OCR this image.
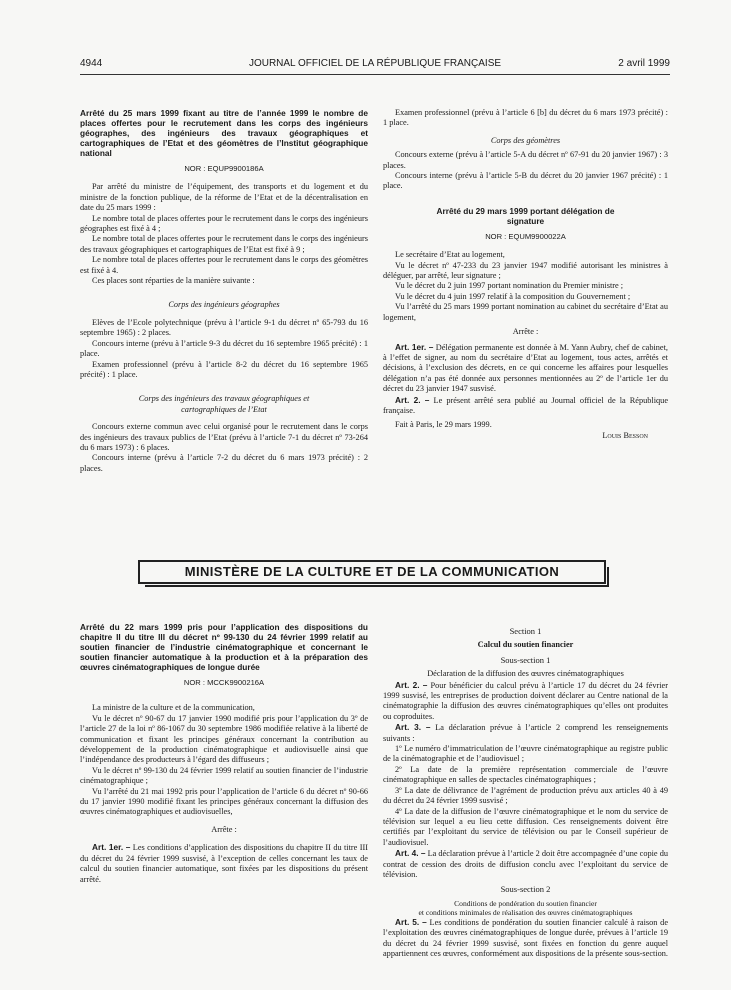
4944	JOURNAL OFFICIEL DE LA RÉPUBLIQUE FRANÇAISE	2 avril 1999
Arrêté du 25 mars 1999 fixant au titre de l’année 1999 le nombre de places offertes pour le recrutement dans les corps des ingénieurs géographes, des ingénieurs des travaux géographiques et cartographiques de l’Etat et des géomètres de l’Institut géographique national
NOR : EQUP9900186A

Par arrêté du ministre de l’équipement, des transports et du logement et du ministre de la fonction publique, de la réforme de l’Etat et de la décentralisation en date du 25 mars 1999 :

Le nombre total de places offertes pour le recrutement dans le corps des ingénieurs géographes est fixé à 4 ;

Le nombre total de places offertes pour le recrutement dans le corps des ingénieurs des travaux géographiques et cartographiques de l’Etat est fixé à 9 ;

Le nombre total de places offertes pour le recrutement dans le corps des géomètres est fixé à 4.

Ces places sont réparties de la manière suivante :

Corps des ingénieurs géographes

Elèves de l’Ecole polytechnique (prévu à l’article 9-1 du décret nº 65-793 du 16 septembre 1965) : 2 places.

Concours interne (prévu à l’article 9-3 du décret du 16 septembre 1965 précité) : 1 place.

Examen professionnel (prévu à l’article 8-2 du décret du 16 septembre 1965 précité) : 1 place.

Corps des ingénieurs des travaux géographiques et cartographiques de l’Etat

Concours externe commun avec celui organisé pour le recrutement dans le corps des ingénieurs des travaux publics de l’Etat (prévu à l’article 7-1 du décret nº 73-264 du 6 mars 1973) : 6 places.

Concours interne (prévu à l’article 7-2 du décret du 6 mars 1973 précité) : 2 places.

Examen professionnel (prévu à l’article 6 [b] du décret du 6 mars 1973 précité) : 1 place.

Corps des géomètres

Concours externe (prévu à l’article 5-A du décret nº 67-91 du 20 janvier 1967) : 3 places.

Concours interne (prévu à l’article 5-B du décret du 20 janvier 1967 précité) : 1 place.

Arrêté du 29 mars 1999 portant délégation de signature
NOR : EQUM9900022A

Le secrétaire d’Etat au logement,

Vu le décret nº 47-233 du 23 janvier 1947 modifié autorisant les ministres à déléguer, par arrêté, leur signature ;

Vu le décret du 2 juin 1997 portant nomination du Premier ministre ;

Vu le décret du 4 juin 1997 relatif à la composition du Gouvernement ;

Vu l’arrêté du 25 mars 1999 portant nomination au cabinet du secrétaire d’Etat au logement,

Arrête :

Art. 1er. – Délégation permanente est donnée à M. Yann Aubry, chef de cabinet, à l’effet de signer, au nom du secrétaire d’Etat au logement, tous actes, arrêtés et décisions, à l’exclusion des décrets, en ce qui concerne les affaires pour lesquelles délégation n’a pas été donnée aux personnes mentionnées au 2º de l’article 1er du décret du 23 janvier 1947 susvisé.

Art. 2. – Le présent arrêté sera publié au Journal officiel de la République française.

Fait à Paris, le 29 mars 1999.

Louis Besson

MINISTÈRE DE LA CULTURE ET DE LA COMMUNICATION
Arrêté du 22 mars 1999 pris pour l’application des dispositions du chapitre II du titre III du décret nº 99-130 du 24 février 1999 relatif au soutien financier de l’industrie cinématographique et concernant le soutien financier automatique à la production et à la préparation des œuvres cinématographiques de longue durée
NOR : MCCK9900216A

La ministre de la culture et de la communication,

Vu le décret nº 90-67 du 17 janvier 1990 modifié pris pour l’application du 3º de l’article 27 de la loi nº 86-1067 du 30 septembre 1986 modifiée relative à la liberté de communication et fixant les principes généraux concernant la contribution au développement de la production cinématographique et audiovisuelle ainsi que l’indépendance des producteurs à l’égard des diffuseurs ;

Vu le décret nº 99-130 du 24 février 1999 relatif au soutien financier de l’industrie cinématographique ;

Vu l’arrêté du 21 mai 1992 pris pour l’application de l’article 6 du décret nº 90-66 du 17 janvier 1990 modifié fixant les principes généraux concernant la diffusion des œuvres cinématographiques et audiovisuelles,

Arrête :

Art. 1er. – Les conditions d’application des dispositions du chapitre II du titre III du décret du 24 février 1999 susvisé, à l’exception de celles concernant les taux de calcul du soutien financier automatique, sont fixées par les dispositions du présent arrêté.

Section 1

Calcul du soutien financier

Sous-section 1

Déclaration de la diffusion des œuvres cinématographiques

Art. 2. – Pour bénéficier du calcul prévu à l’article 17 du décret du 24 février 1999 susvisé, les entreprises de production doivent déclarer au Centre national de la cinématographie la diffusion des œuvres cinématographiques qu’elles ont produites ou coproduites.

Art. 3. – La déclaration prévue à l’article 2 comprend les renseignements suivants :

1º Le numéro d’immatriculation de l’œuvre cinématographique au registre public de la cinématographie et de l’audiovisuel ;

2º La date de la première représentation commerciale de l’œuvre cinématographique en salles de spectacles cinématographiques ;

3º La date de délivrance de l’agrément de production prévu aux articles 40 à 49 du décret du 24 février 1999 susvisé ;

4º La date de la diffusion de l’œuvre cinématographique et le nom du service de télévision sur lequel a eu lieu cette diffusion. Ces renseignements doivent être certifiés par l’exploitant du service de télévision ou par le Conseil supérieur de l’audiovisuel.

Art. 4. – La déclaration prévue à l’article 2 doit être accompagnée d’une copie du contrat de cession des droits de diffusion conclu avec l’exploitant du service de télévision.

Sous-section 2

Conditions de pondération du soutien financier

et conditions minimales de réalisation des œuvres cinématographiques

Art. 5. – Les conditions de pondération du soutien financier calculé à raison de l’exploitation des œuvres cinématographiques de longue durée, prévues à l’article 19 du décret du 24 février 1999 susvisé, sont fixées en fonction du genre auquel appartiennent ces œuvres, conformément aux dispositions de la présente sous-section.
